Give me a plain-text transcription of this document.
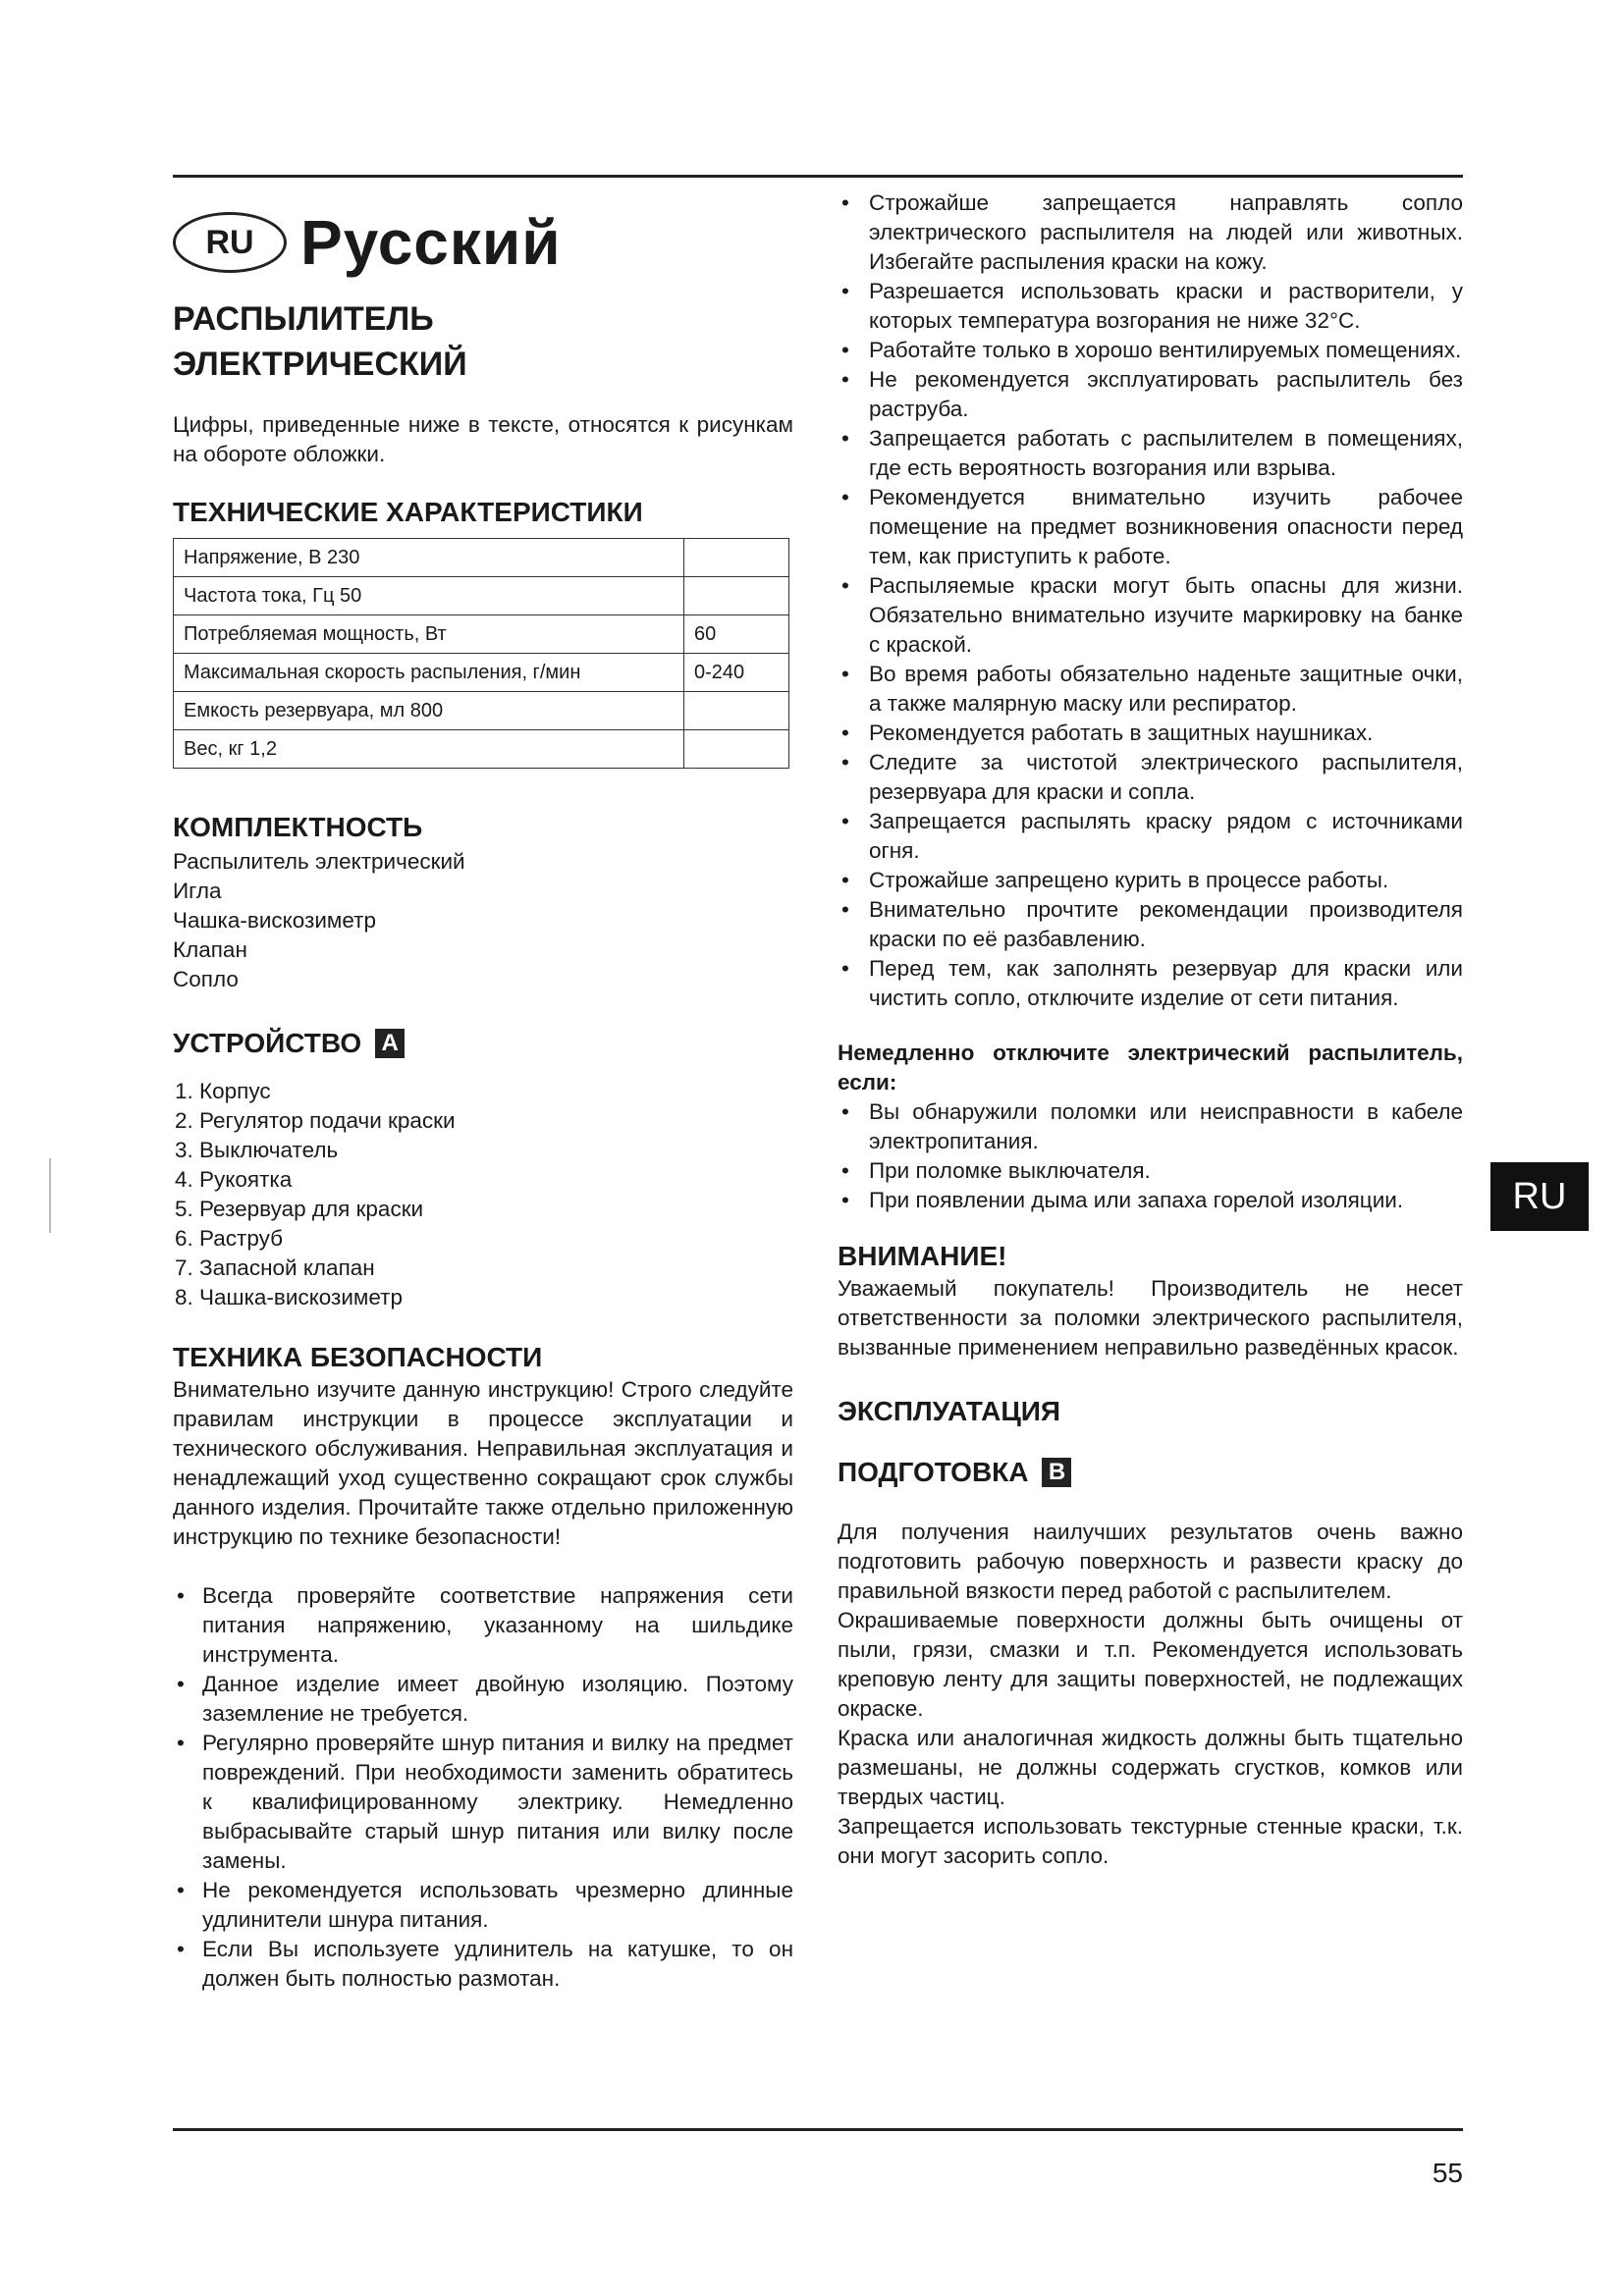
RU Русский
РАСПЫЛИТЕЛЬ
ЭЛЕКТРИЧЕСКИЙ

Цифры, приведенные ниже в тексте, относятся к рисункам на обороте обложки.

ТЕХНИЧЕСКИЕ ХАРАКТЕРИСТИКИ
Напряжение, В 230	
Частота тока, Гц 50	
Потребляемая мощность, Вт	60
Максимальная скорость распыления, г/мин	0-240
Емкость резервуара, мл 800	
Вес, кг 1,2	
КОМПЛЕКТНОСТЬ
Распылитель электрический
Игла
Чашка-вискозиметр
Клапан
Сопло
УСТРОЙСТВО A
1. Корпус
2. Регулятор подачи краски
3. Выключатель
4. Рукоятка
5. Резервуар для краски
6. Раструб
7. Запасной клапан
8. Чашка-вискозиметр
ТЕХНИКА БЕЗОПАСНОСТИ

Внимательно изучите данную инструкцию! Строго следуйте правилам инструкции в процессе эксплуатации и технического обслуживания. Неправильная эксплуатация и ненадлежащий уход существенно сокращают срок службы данного изделия. Прочитайте также отдельно приложенную инструкцию по технике безопасности!

• Всегда проверяйте соответствие напряжения сети питания напряжению, указанному на шильдике инструмента.
• Данное изделие имеет двойную изоляцию. Поэтому заземление не требуется.
• Регулярно проверяйте шнур питания и вилку на предмет повреждений. При необходимости заменить обратитесь к квалифицированному электрику. Немедленно выбрасывайте старый шнур питания или вилку после замены.
• Не рекомендуется использовать чрезмерно длинные удлинители шнура питания.
• Если Вы используете удлинитель на катушке, то он должен быть полностью размотан.
• Строжайше запрещается направлять сопло электрического распылителя на людей или животных. Избегайте распыления краски на кожу.
• Разрешается использовать краски и растворители, у которых температура возгорания не ниже 32°C.
• Работайте только в хорошо вентилируемых помещениях.
• Не рекомендуется эксплуатировать распылитель без раструба.
• Запрещается работать с распылителем в помещениях, где есть вероятность возгорания или взрыва.
• Рекомендуется внимательно изучить рабочее помещение на предмет возникновения опасности перед тем, как приступить к работе.
• Распыляемые краски могут быть опасны для жизни. Обязательно внимательно изучите маркировку на банке с краской.
• Во время работы обязательно наденьте защитные очки, а также малярную маску или респиратор.
• Рекомендуется работать в защитных наушниках.
• Следите за чистотой электрического распылителя, резервуара для краски и сопла.
• Запрещается распылять краску рядом с источниками огня.
• Строжайше запрещено курить в процессе работы.
• Внимательно прочтите рекомендации производителя краски по её разбавлению.
• Перед тем, как заполнять резервуар для краски или чистить сопло, отключите изделие от сети питания.
Немедленно отключите электрический распылитель, если:
• Вы обнаружили поломки или неисправности в кабеле электропитания.
• При поломке выключателя.
• При появлении дыма или запаха горелой изоляции.
ВНИМАНИЕ!

Уважаемый покупатель! Производитель не несет ответственности за поломки электрического распылителя, вызванные применением неправильно разведённых красок.

ЭКСПЛУАТАЦИЯ
ПОДГОТОВКА B

Для получения наилучших результатов очень важно подготовить рабочую поверхность и развести краску до правильной вязкости перед работой с распылителем.

Окрашиваемые поверхности должны быть очищены от пыли, грязи, смазки и т.п. Рекомендуется использовать креповую ленту для защиты поверхностей, не подлежащих окраске.

Краска или аналогичная жидкость должны быть тщательно размешаны, не должны содержать сгустков, комков или твердых частиц.

Запрещается использовать текстурные стенные краски, т.к. они могут засорить сопло.

RU
55
